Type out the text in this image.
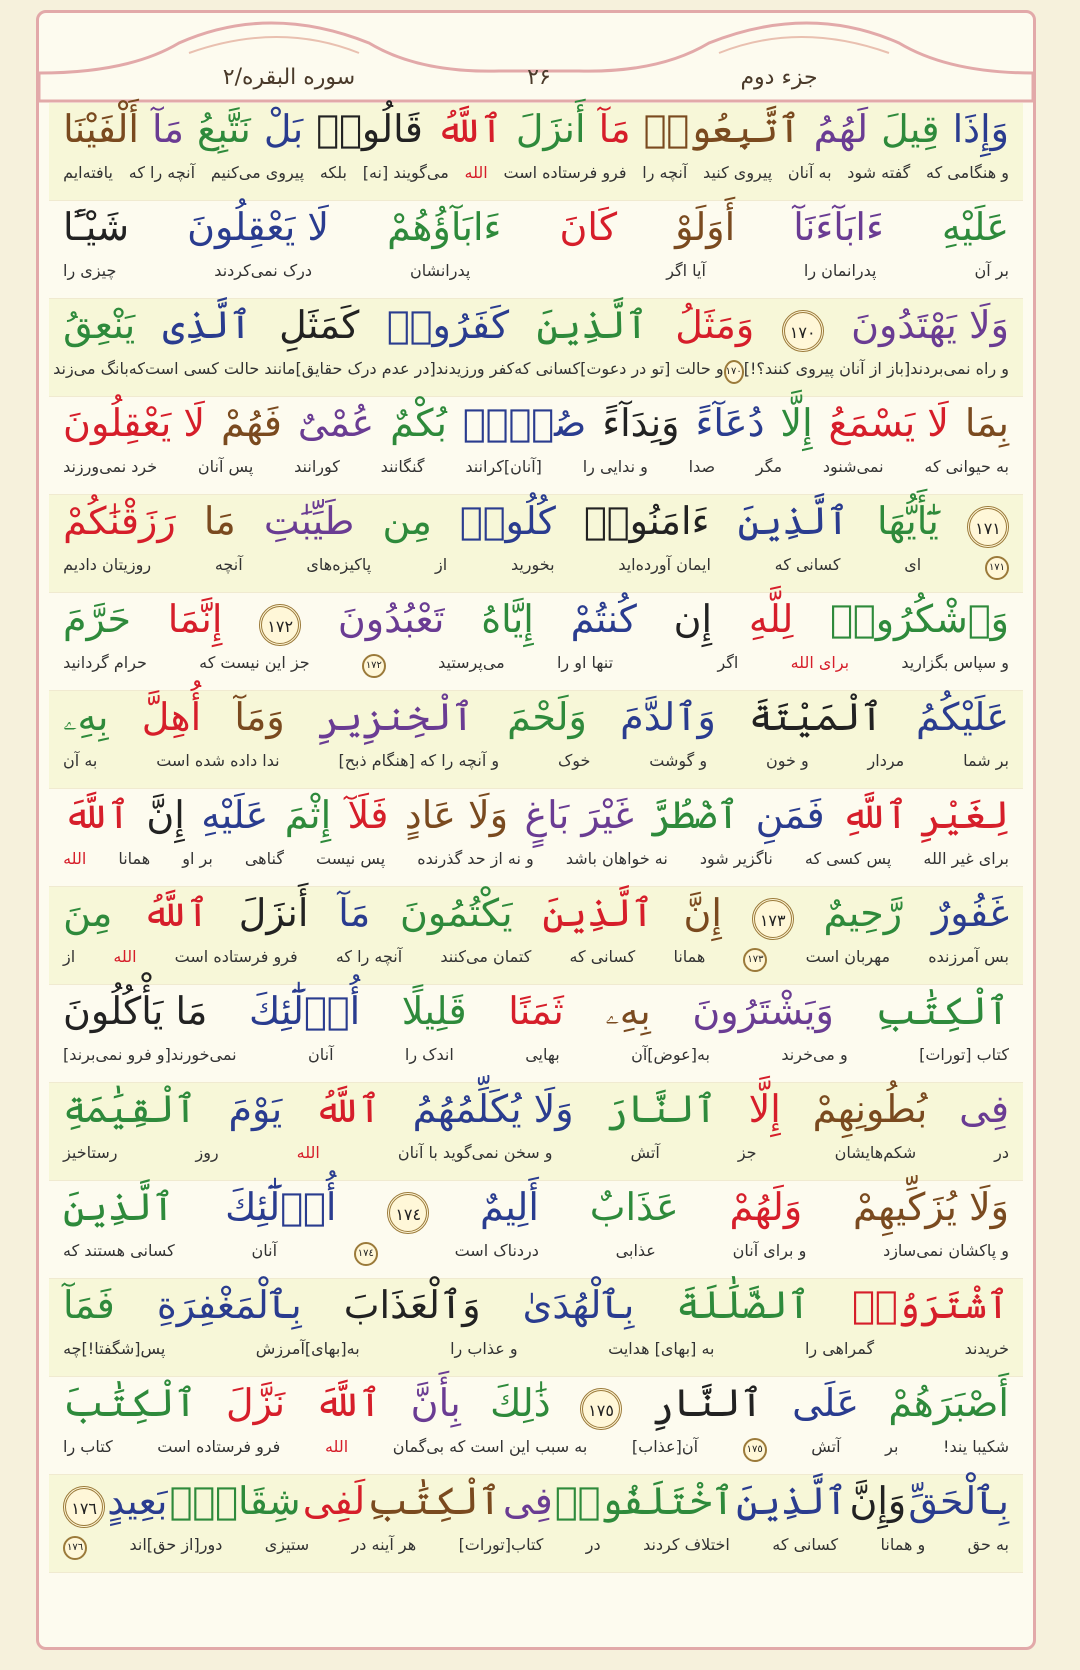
سوره البقره/۲	۲۶	جزء دوم
وَإِذَا
قِيلَ
لَهُمُ
ٱتَّبِعُوا۟
مَآ
أَنزَلَ
ٱللَّهُ
قَالُوا۟
بَلْ
نَتَّبِعُ
مَآ
أَلْفَيْنَا
و هنگامی که
گفته شود
به آنان
پیروی کنید
آنچه را
فرو فرستاده است
الله
می‌گویند [نه]
بلکه
پیروی می‌کنیم
آنچه را که
یافته‌ایم
عَلَيْهِ
ءَابَآءَنَآ
أَوَلَوْ
كَانَ
ءَابَآؤُهُمْ
لَا يَعْقِلُونَ
شَيْـًٔا
بر آن
پدرانمان را
آیا اگر
پدرانشان
درک نمی‌کردند
چیزی را
وَلَا يَهْتَدُونَ
١٧٠
وَمَثَلُ
ٱلَّذِينَ
كَفَرُوا۟
كَمَثَلِ
ٱلَّذِى
يَنْعِقُ
و راه نمی‌بردند[باز از آنان پیروی کنند؟!]
١٧٠
و حالت [تو در دعوت]
کسانی که
کفر ورزیدند[در عدم درک حقایق]
مانند حالت کسی است
که
بانگ می‌زند
بِمَا
لَا يَسْمَعُ
إِلَّا
دُعَآءً
وَنِدَآءً
صُمٌّۢ
بُكْمٌ
عُمْىٌ
فَهُمْ
لَا يَعْقِلُونَ
به حیوانی که
نمی‌شنود
مگر
صدا
و ندایی را
[آنان]کرانند
گنگانند
کورانند
پس آنان
خرد نمی‌ورزند
١٧١
يَٰٓأَيُّهَا
ٱلَّذِينَ
ءَامَنُوا۟
كُلُوا۟
مِن
طَيِّبَٰتِ
مَا
رَزَقْنَٰكُمْ
١٧١
ای
کسانی که
ایمان آورده‌اید
بخورید
از
پاکیزه‌های
آنچه
روزیتان دادیم
وَٱشْكُرُوا۟
لِلَّهِ
إِن
كُنتُمْ
إِيَّاهُ
تَعْبُدُونَ
١٧٢
إِنَّمَا
حَرَّمَ
و سپاس بگزارید
برای الله
اگر
تنها او را
می‌پرستید
١٧٢
جز این نیست که
حرام گردانید
عَلَيْكُمُ
ٱلْمَيْتَةَ
وَٱلدَّمَ
وَلَحْمَ
ٱلْخِنزِيرِ
وَمَآ
أُهِلَّ
بِهِۦ
بر شما
مردار
و خون
و گوشت
خوک
و آنچه را که [هنگام ذبح]
ندا داده شده است
به آن
لِغَيْرِ ٱللَّهِ
فَمَنِ
ٱضْطُرَّ
غَيْرَ بَاغٍ
وَلَا عَادٍ
فَلَآ
إِثْمَ
عَلَيْهِ
إِنَّ
ٱللَّهَ
برای غیر الله
پس کسی که
ناگزیر شود
نه خواهان باشد
و نه از حد گذرنده
پس نیست
گناهی
بر او
همانا
الله
غَفُورٌ
رَّحِيمٌ
١٧٣
إِنَّ
ٱلَّذِينَ
يَكْتُمُونَ
مَآ
أَنزَلَ
ٱللَّهُ
مِنَ
بس آمرزنده
مهربان است
١٧٣
همانا
کسانی که
کتمان می‌کنند
آنچه را که
فرو فرستاده است
الله
از
ٱلْكِتَٰبِ
وَيَشْتَرُونَ
بِهِۦ
ثَمَنًا
قَلِيلًا
أُو۟لَٰٓئِكَ
مَا يَأْكُلُونَ
کتاب [تورات]
و می‌خرند
به[عوض]آن
بهایی
اندک را
آنان
نمی‌خورند[و فرو نمی‌برند]
فِى
بُطُونِهِمْ
إِلَّا
ٱلنَّارَ
وَلَا يُكَلِّمُهُمُ
ٱللَّهُ
يَوْمَ
ٱلْقِيَٰمَةِ
در
شکم‌هایشان
جز
آتش
و سخن نمی‌گوید با آنان
الله
روز
رستاخیز
وَلَا يُزَكِّيهِمْ
وَلَهُمْ
عَذَابٌ
أَلِيمٌ
١٧٤
أُو۟لَٰٓئِكَ
ٱلَّذِينَ
و پاکشان نمی‌سازد
و برای آنان
عذابی
دردناک است
١٧٤
آنان
کسانی هستند که
ٱشْتَرَوُا۟
ٱلضَّلَٰلَةَ
بِٱلْهُدَىٰ
وَٱلْعَذَابَ
بِٱلْمَغْفِرَةِ
فَمَآ
خریدند
گمراهی را
به [بهای] هدایت
و عذاب را
به[بهای]آمرزش
پس[شگفتا!]چه
أَصْبَرَهُمْ
عَلَى
ٱلنَّارِ
١٧٥
ذَٰلِكَ
بِأَنَّ
ٱللَّهَ
نَزَّلَ
ٱلْكِتَٰبَ
شکیبا یند!
بر
آتش
١٧٥
آن[عذاب]
به سبب این است که بی‌گمان
الله
فرو فرستاده است
کتاب را
بِٱلْحَقِّ
وَإِنَّ
ٱلَّذِينَ
ٱخْتَلَفُوا۟
فِى
ٱلْكِتَٰبِ
لَفِى
شِقَاقٍۭ
بَعِيدٍ
١٧٦
به حق
و همانا
کسانی که
اختلاف کردند
در
کتاب[تورات]
هر آینه در
ستیزی
دور[از حق]اند
١٧٦
